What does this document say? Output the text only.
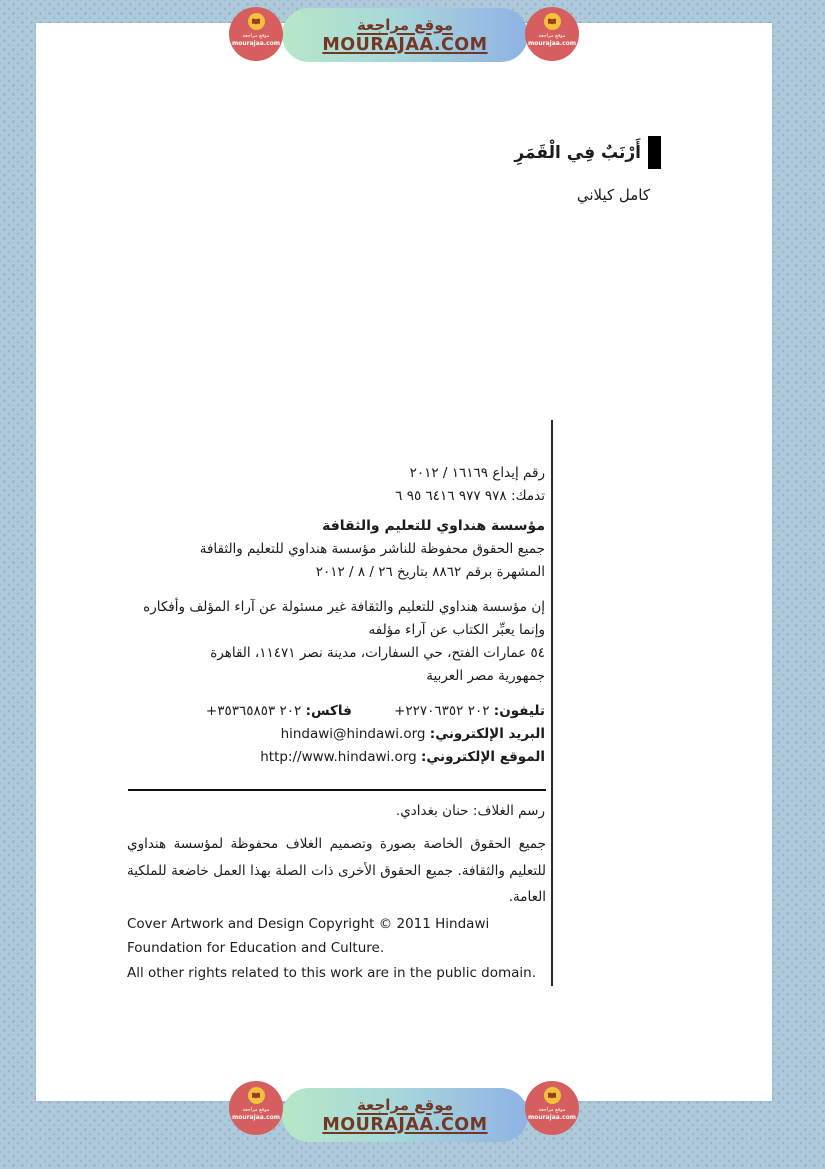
موقع مراجعة
MOURAJAA.COM
موقع مراجعة
mourajaa.com
موقع مراجعة
mourajaa.com
أَرْنَبٌ فِي الْقَمَرِ
كامل كيلاني
رقم إيداع ١٦١٦٩ / ٢٠١٢
تدمك: ٩٧٨ ٩٧٧ ٦٤١٦ ٩٥ ٦
مؤسسة هنداوي للتعليم والثقافة
جميع الحقوق محفوظة للناشر مؤسسة هنداوي للتعليم والثقافة
المشهرة برقم ٨٨٦٢ بتاريخ ٢٦ / ٨ / ٢٠١٢
إن مؤسسة هنداوي للتعليم والثقافة غير مسئولة عن آراء المؤلف وأفكاره
وإنما يعبِّر الكتاب عن آراء مؤلفه
٥٤ عمارات الفتح، حي السفارات، مدينة نصر ١١٤٧١، القاهرة
جمهورية مصر العربية
تليفون: +٢٠٢ ٢٢٧٠٦٣٥٢ فاكس: +٢٠٢ ٣٥٣٦٥٨٥٣
البريد الإلكتروني: hindawi@hindawi.org
الموقع الإلكتروني: http://www.hindawi.org
رسم الغلاف: حنان بغدادي.
جميع الحقوق الخاصة بصورة وتصميم الغلاف محفوظة لمؤسسة هنداوي للتعليم والثقافة. جميع الحقوق الأخرى ذات الصلة بهذا العمل خاضعة للملكية العامة.
Cover Artwork and Design Copyright © 2011 Hindawi
Foundation for Education and Culture.
All other rights related to this work are in the public domain.
موقع مراجعة
MOURAJAA.COM
موقع مراجعة
mourajaa.com
موقع مراجعة
mourajaa.com
